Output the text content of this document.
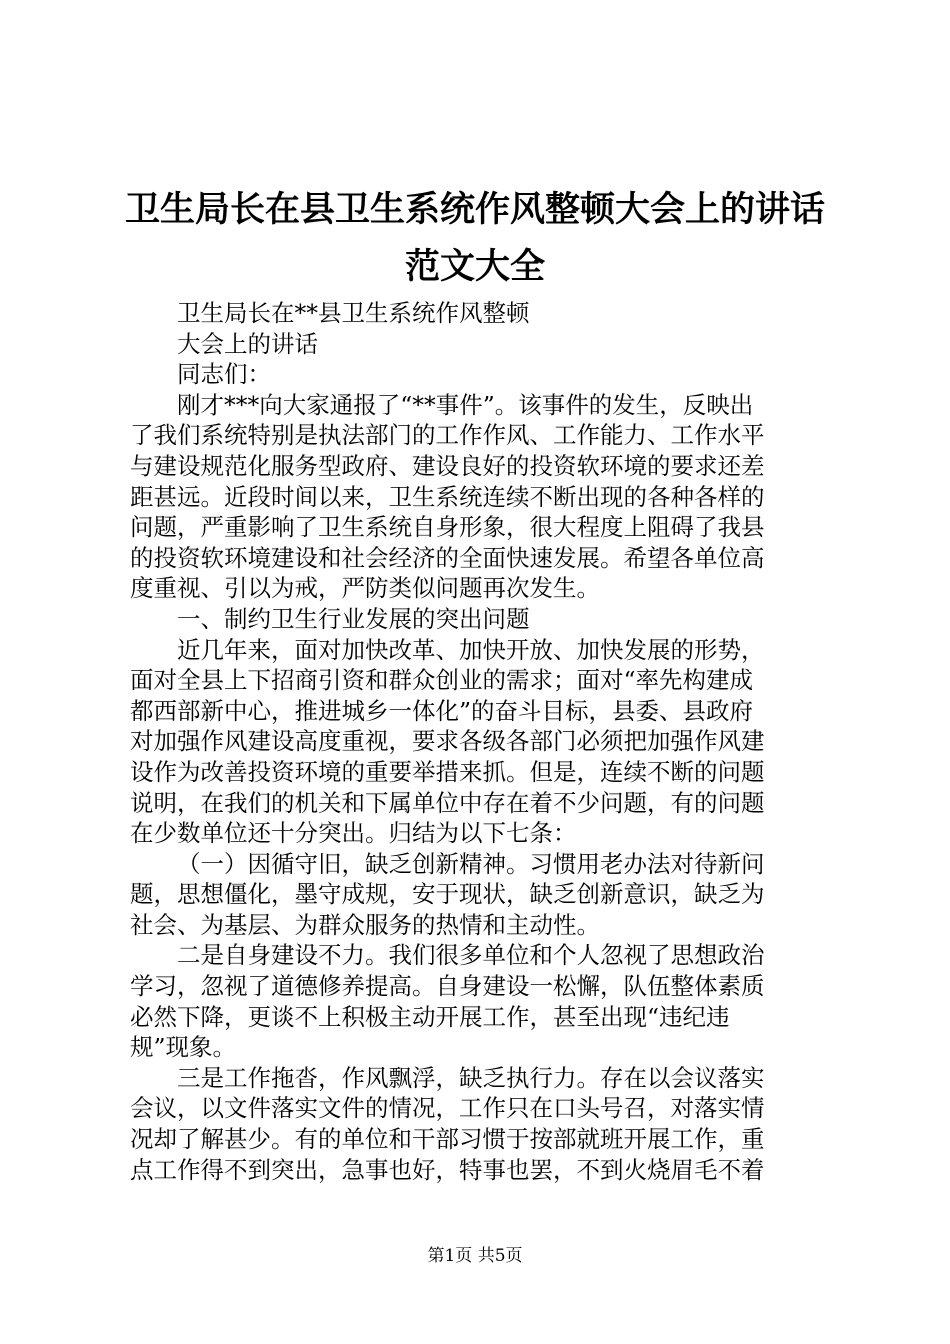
卫生局长在县卫生系统作风整顿大会上的讲话
范文大全
卫生局长在**县卫生系统作风整顿
大会上的讲话
同志们：
刚才***向大家通报了“**事件”。该事件的发生，反映出
了我们系统特别是执法部门的工作作风、工作能力、工作水平
与建设规范化服务型政府、建设良好的投资软环境的要求还差
距甚远。近段时间以来，卫生系统连续不断出现的各种各样的
问题，严重影响了卫生系统自身形象，很大程度上阻碍了我县
的投资软环境建设和社会经济的全面快速发展。希望各单位高
度重视、引以为戒，严防类似问题再次发生。
一、制约卫生行业发展的突出问题
近几年来，面对加快改革、加快开放、加快发展的形势，
面对全县上下招商引资和群众创业的需求；面对“率先构建成
都西部新中心，推进城乡一体化”的奋斗目标，县委、县政府
对加强作风建设高度重视，要求各级各部门必须把加强作风建
设作为改善投资环境的重要举措来抓。但是，连续不断的问题
说明，在我们的机关和下属单位中存在着不少问题，有的问题
在少数单位还十分突出。归结为以下七条：
（一）因循守旧，缺乏创新精神。习惯用老办法对待新问
题，思想僵化，墨守成规，安于现状，缺乏创新意识，缺乏为
社会、为基层、为群众服务的热情和主动性。
二是自身建设不力。我们很多单位和个人忽视了思想政治
学习，忽视了道德修养提高。自身建设一松懈，队伍整体素质
必然下降，更谈不上积极主动开展工作，甚至出现“违纪违
规”现象。
三是工作拖沓，作风飘浮，缺乏执行力。存在以会议落实
会议，以文件落实文件的情况，工作只在口头号召，对落实情
况却了解甚少。有的单位和干部习惯于按部就班开展工作，重
点工作得不到突出，急事也好，特事也罢，不到火烧眉毛不着
第1页 共5页
